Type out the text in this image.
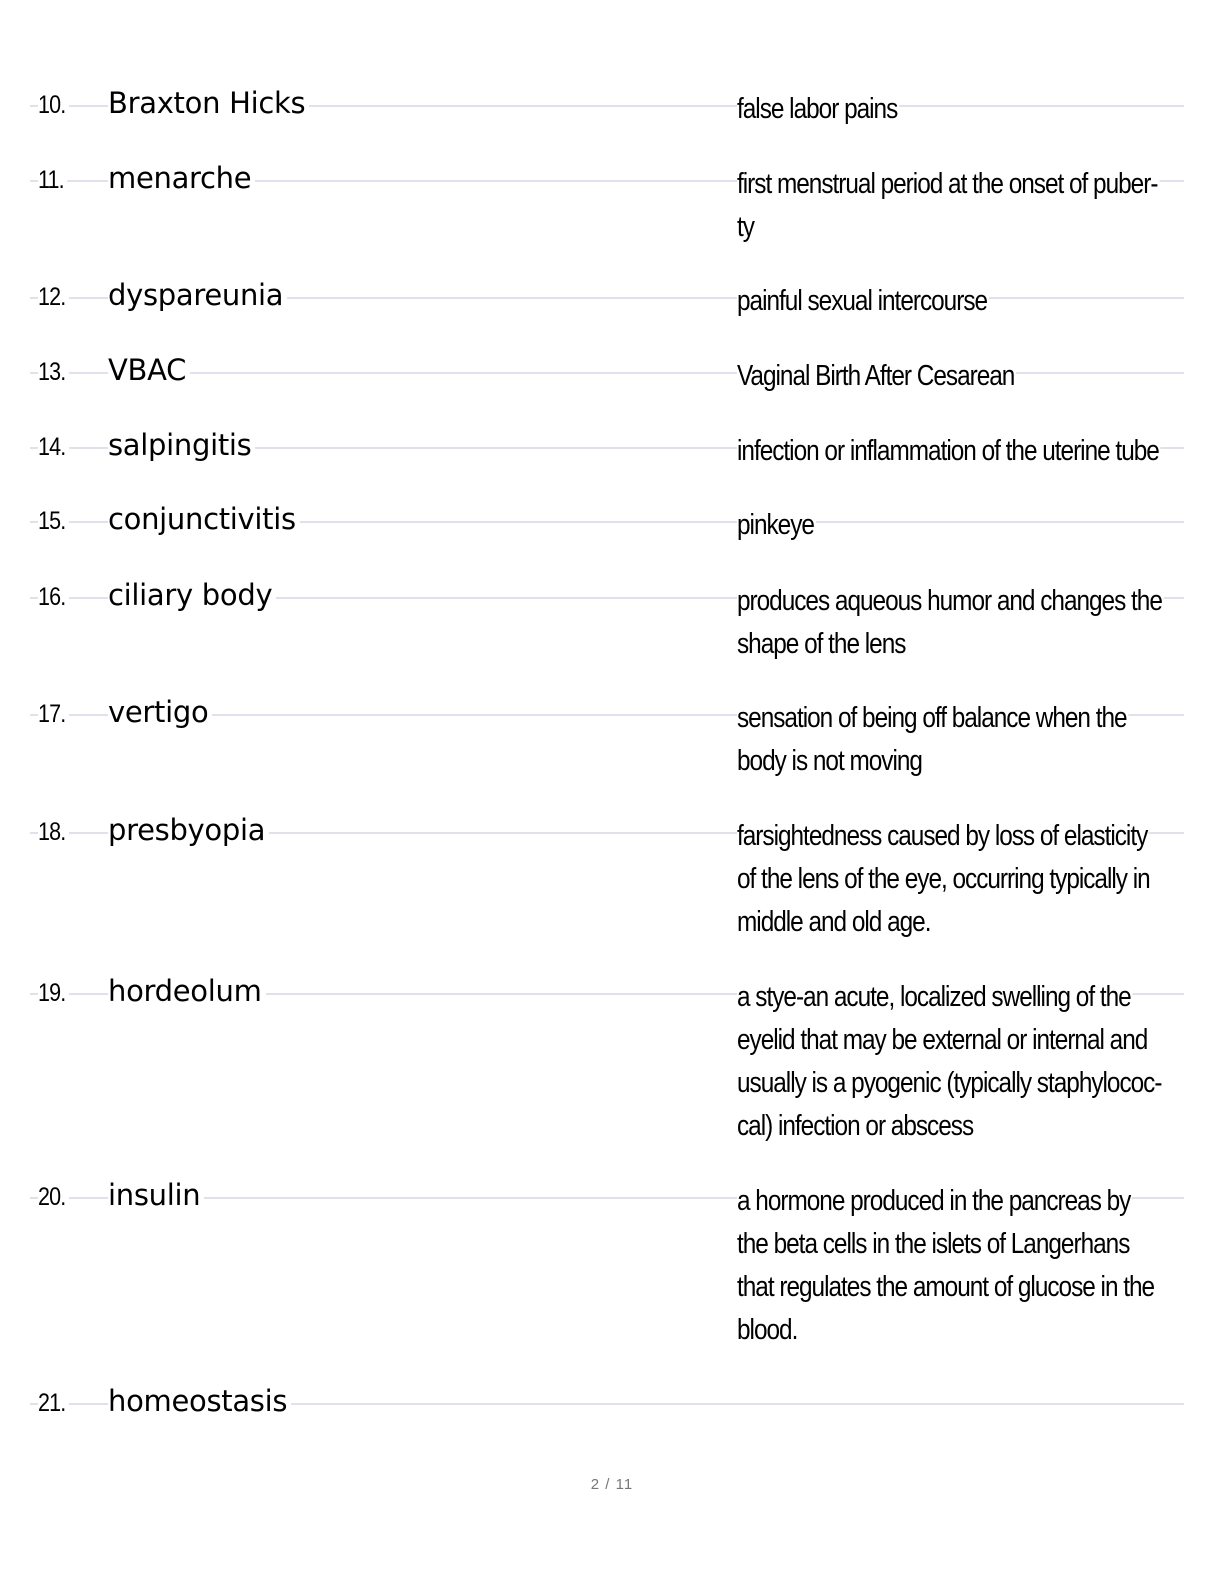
10. Braxton Hicks	false labor pains
11. menarche	first menstrual period at the onset of puber-
ty
12. dyspareunia	painful sexual intercourse
13. VBAC	Vaginal Birth After Cesarean
14. salpingitis	infection or inflammation of the uterine tube
15. conjunctivitis	pinkeye
16. ciliary body	produces aqueous humor and changes the
shape of the lens
17. vertigo	sensation of being off balance when the
body is not moving
18. presbyopia	farsightedness caused by loss of elasticity
of the lens of the eye, occurring typically in
middle and old age.
19. hordeolum	a stye-an acute, localized swelling of the
eyelid that may be external or internal and
usually is a pyogenic (typically staphylococ-
cal) infection or abscess
20. insulin	a hormone produced in the pancreas by
the beta cells in the islets of Langerhans
that regulates the amount of glucose in the
blood.
21. homeostasis
2 / 11
